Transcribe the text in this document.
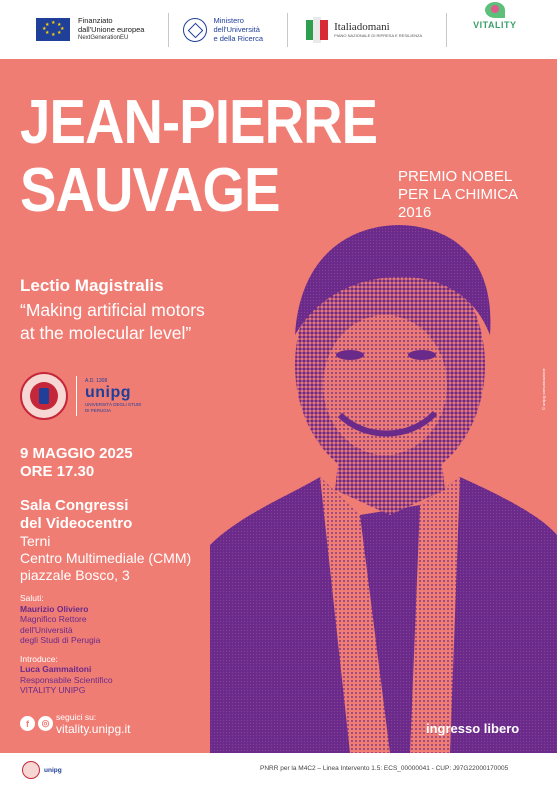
★ ★
★
★
★
★
★
★	Finanziato
dall'Unione europea
NextGenerationEU
Ministero
dell'Università
e della Ricerca
Italiadomani
PIANO NAZIONALE DI RIPRESA E RESILIENZA
VITALITY
JEAN-PIERRE
SAUVAGE	PREMIO NOBEL
PER LA CHIMICA
2016
Lectio Magistralis
“Making artificial motors
at the molecular level”
A.D. 1308
unipg
UNIVERSITÀ DEGLI STUDI
DI PERUGIA
9 MAGGIO 2025
ORE 17.30
Sala Congressi
del Videocentro
Terni
Centro Multimediale (CMM)
piazzale Bosco, 3
Saluti:
Maurizio Oliviero
Magnifico Rettore
dell'Università
degli Studi di Perugia
Introduce:
Luca Gammaitoni
Responsabile Scientifico
VITALITY UNIPG
f	◎
seguici su:
vitality.unipg.it	ingresso libero
© unipg comunicazione
unipg	PNRR per la M4C2 – Linea Intervento 1.5: ECS_00000041 - CUP: J97G22000170005
